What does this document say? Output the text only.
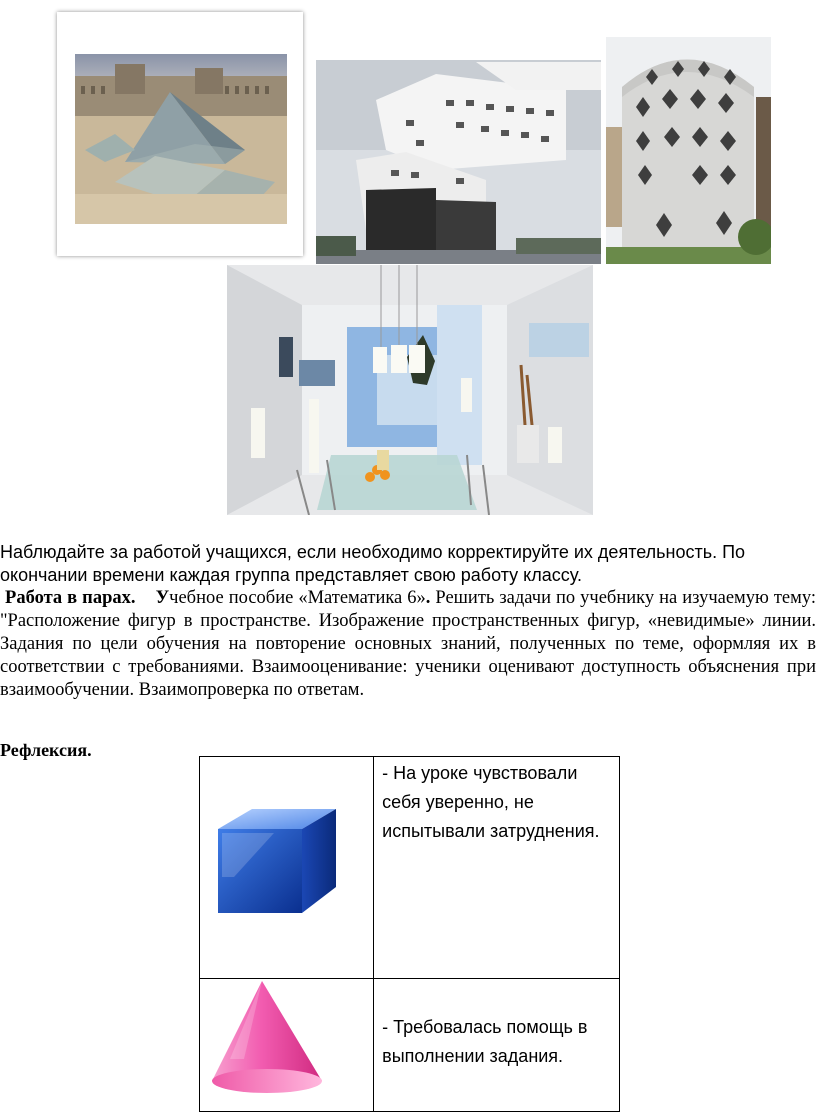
Наблюдайте за работой учащихся, если необходимо корректируйте их деятельность. По окончании времени каждая группа представляет свою работу классу.
Работа в парах. Учебное пособие «Математика 6». Решить задачи по учебнику на изучаемую тему: "Расположение фигур в пространстве. Изображение пространственных фигур, «невидимые» линии. Задания по цели обучения на повторение основных знаний, полученных по теме, оформляя их в соответствии с требованиями. Взаимооценивание: ученики оценивают доступность объяснения при взаимообучении. Взаимопроверка по ответам.
Рефлексия.
	- На уроке чувствовали себя уверенно, не испытывали затруднения.

	- Требовалась помощь в выполнении задания.
